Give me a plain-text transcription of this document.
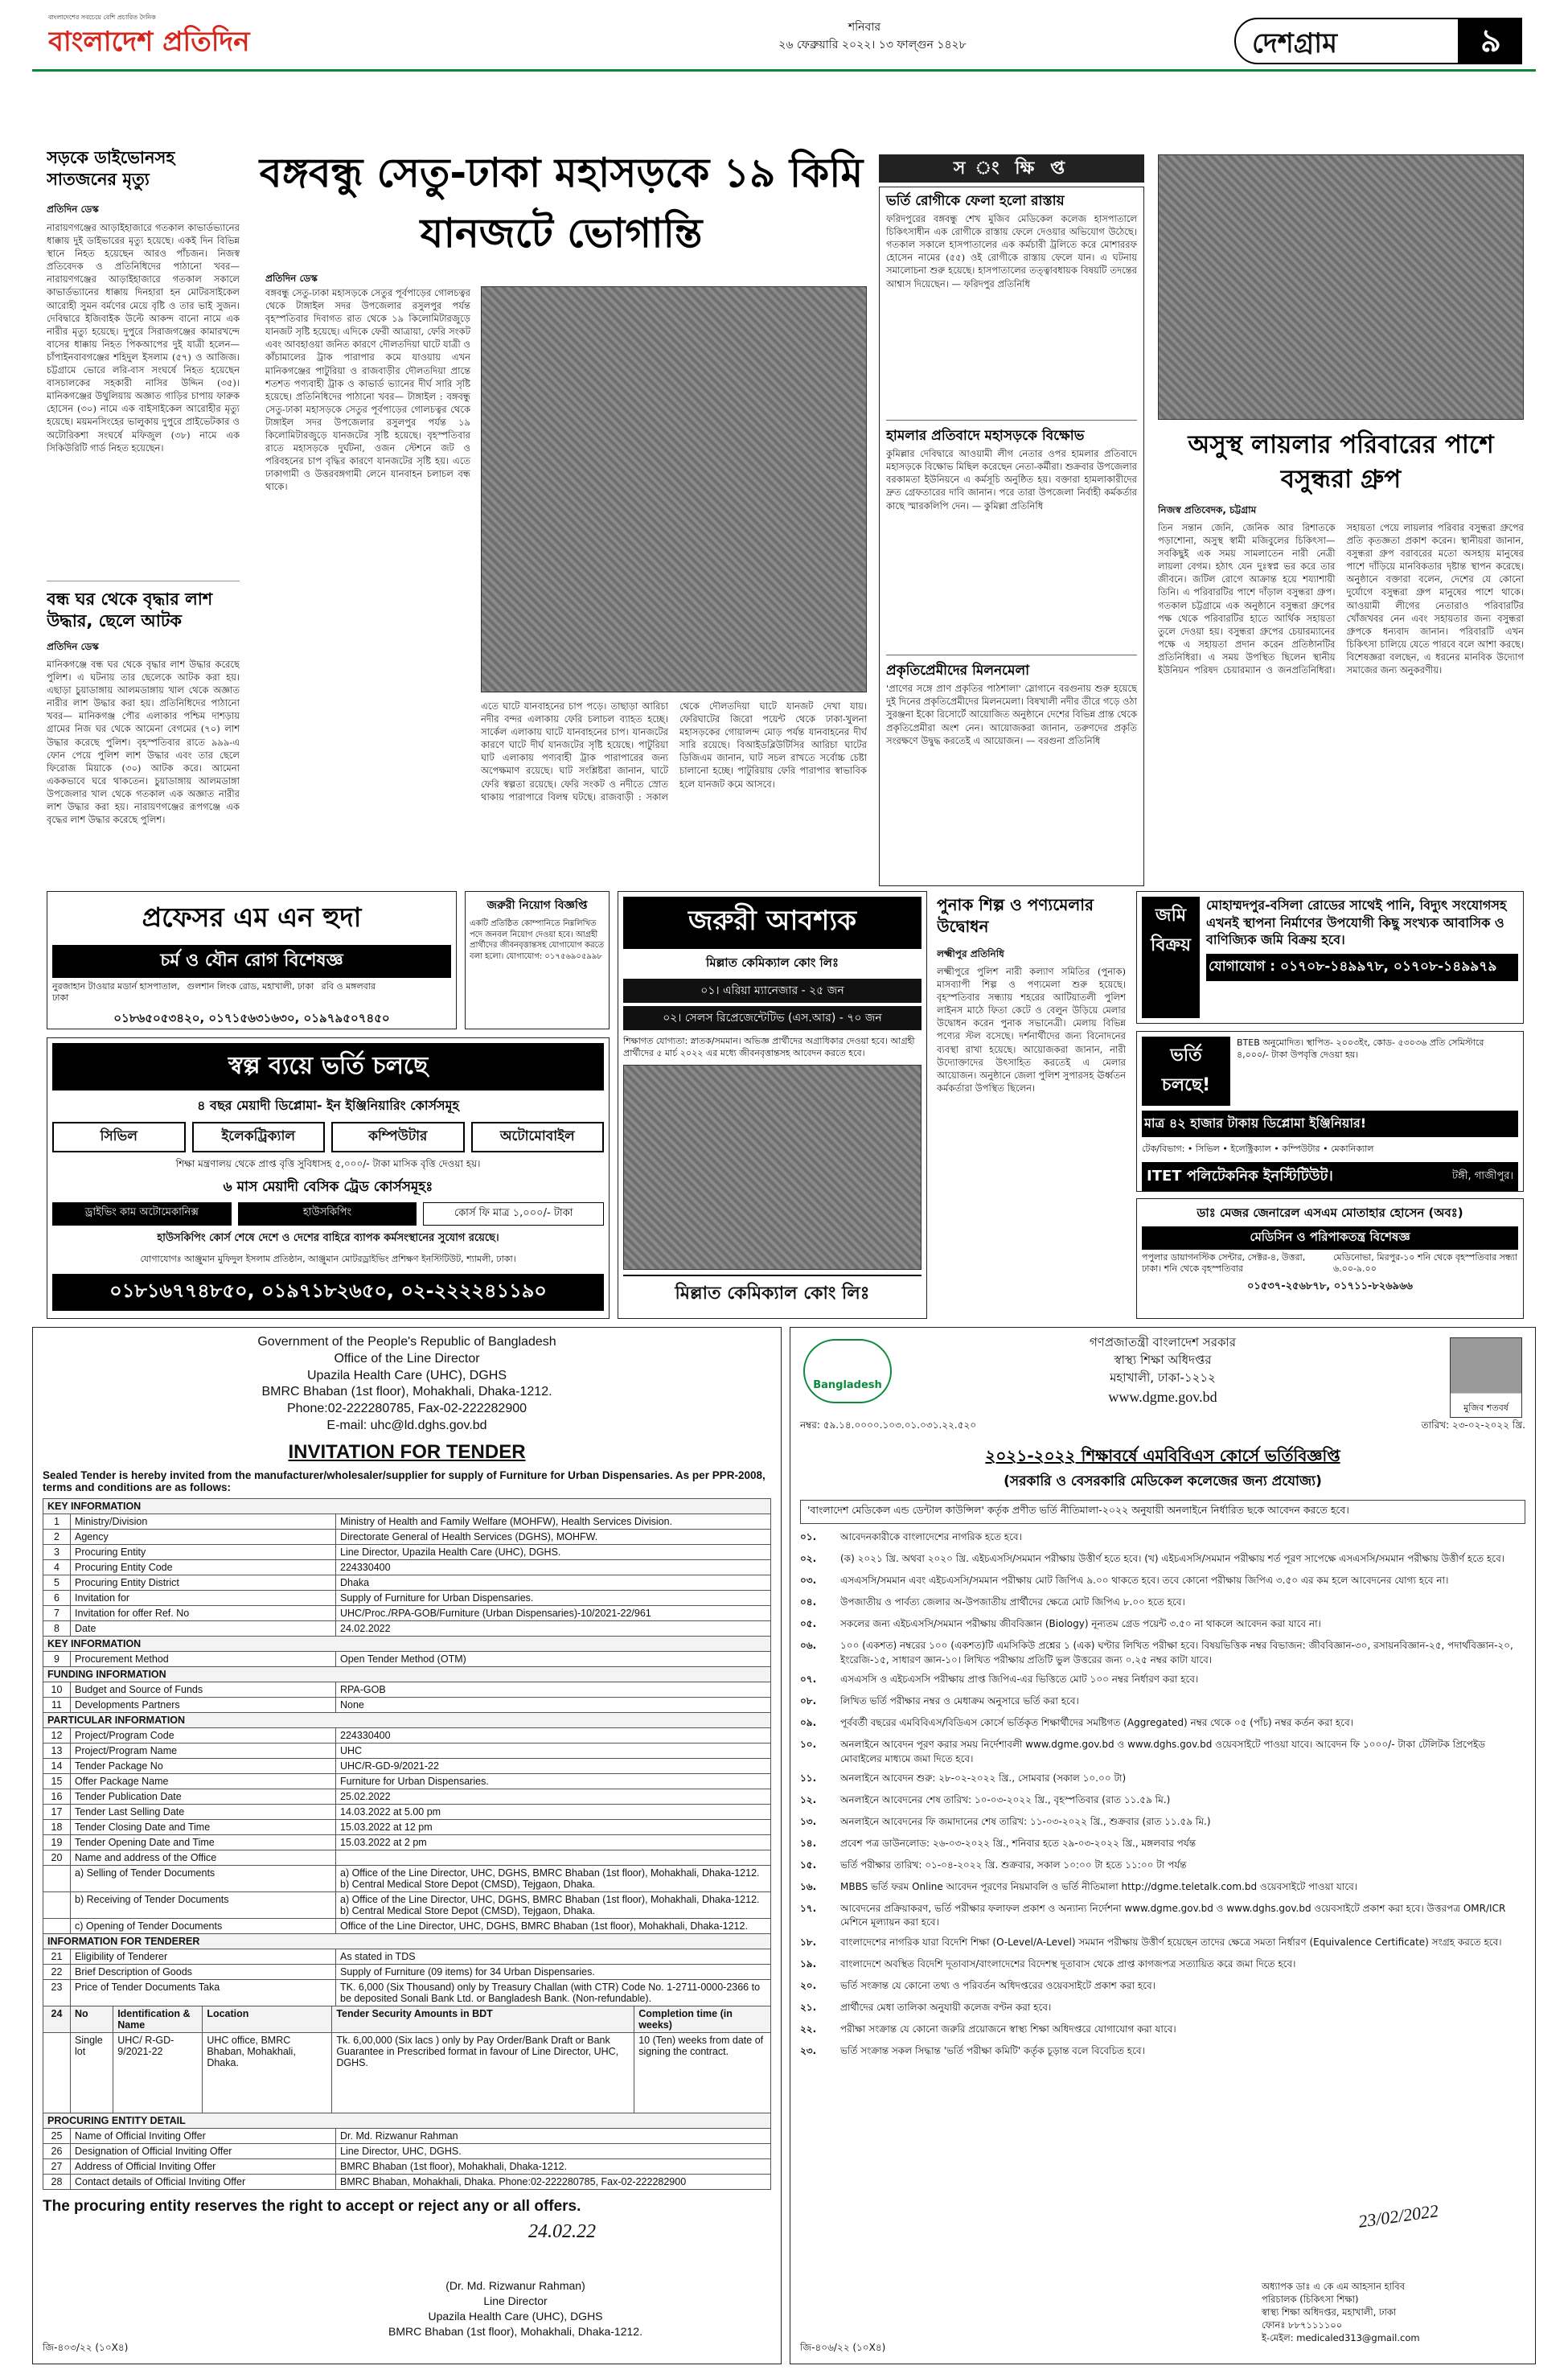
বাংলাদেশের সবচেয়ে বেশি প্রচারিত দৈনিক
বাংলাদেশ প্রতিদিন	শনিবার
২৬ ফেব্রুয়ারি ২০২২। ১৩ ফাল্গুন ১৪২৮	দেশগ্রাম	৯
সড়কে ডাইভোনসহ সাতজনের মৃত্যু
প্রতিদিন ডেস্ক
নারায়ণগঞ্জের আড়াইহাজারে গতকাল কাভার্ডভ্যানের ধাক্কায় দুই ডাইভারের মৃত্যু হয়েছে। একই দিন বিভিন্ন স্থানে নিহত হয়েছেন আরও পাঁচজন। নিজস্ব প্রতিবেদক ও প্রতিনিধিদের পাঠানো খবর— নারায়ণগঞ্জের আড়াইহাজারে গতকাল সকালে কাভার্ডভ্যানের ধাক্কায় দিনহারা হন মোটরসাইকেল আরোহী সুমন বর্মণের মেয়ে বৃষ্টি ও তার ভাই সুজন। দেবিদ্বারে ইজিবাইক উল্টে আকন্দ বানো নামে এক নারীর মৃত্যু হয়েছে। দুপুরে সিরাজগঞ্জের কামারখন্দে বাসের ধাক্কায় নিহত পিকআপের দুই যাত্রী হলেন— চাঁপাইনবাবগঞ্জের শহিদুল ইসলাম (৫৭) ও আজিজ। চট্টগ্রামে ভোরে লরি-বাস সংঘর্ষে নিহত হয়েছেন বাসচালকের সহকারী নাসির উদ্দিন (৩৫)। মানিকগঞ্জের উথুলিয়ায় অজ্ঞাত গাড়ির চাপায় ফারুক হোসেন (৩০) নামে এক বাইসাইকেল আরোহীর মৃত্যু হয়েছে। ময়মনসিংহের ভালুকায় দুপুরে প্রাইভেটকার ও অটোরিকশা সংঘর্ষে মফিজুল (৩৮) নামে এক সিকিউরিটি গার্ড নিহত হয়েছেন।
বন্ধ ঘর থেকে বৃদ্ধার লাশ উদ্ধার, ছেলে আটক
প্রতিদিন ডেস্ক
মানিকগঞ্জে বন্ধ ঘর থেকে বৃদ্ধার লাশ উদ্ধার করেছে পুলিশ। এ ঘটনায় তার ছেলেকে আটক করা হয়। এছাড়া চুয়াডাঙ্গায় আলমডাঙ্গায় খাল থেকে অজ্ঞাত নারীর লাশ উদ্ধার করা হয়। প্রতিনিধিদের পাঠানো খবর— মানিকগঞ্জ পৌর এলাকার পশ্চিম দাশড়ায় গ্রামের নিজ ঘর থেকে আমেনা বেগমের (৭০) লাশ উদ্ধার করেছে পুলিশ। বৃহস্পতিবার রাতে ৯৯৯-এ ফোন পেয়ে পুলিশ লাশ উদ্ধার এবং তার ছেলে ফিরোজ মিয়াকে (৩০) আটক করে। আমেনা এককভাবে ঘরে থাকতেন। চুয়াডাঙ্গায় আলমডাঙ্গা উপজেলার খাল থেকে গতকাল এক অজ্ঞাত নারীর লাশ উদ্ধার করা হয়। নারায়ণগঞ্জের রূপগঞ্জে এক বৃদ্ধের লাশ উদ্ধার করেছে পুলিশ।
বঙ্গবন্ধু সেতু-ঢাকা মহাসড়কে ১৯ কিমি যানজটে ভোগান্তি
প্রতিদিন ডেস্ক
বঙ্গবন্ধু সেতু-ঢাকা মহাসড়কে সেতুর পূর্বপাড়ের গোলচত্বর থেকে টাঙ্গাইল সদর উপজেলার রসুলপুর পর্যন্ত বৃহস্পতিবার দিবাগত রাত থেকে ১৯ কিলোমিটারজুড়ে যানজট সৃষ্টি হয়েছে। এদিকে ফেরী আত্রায়া, ফেরি সংকট এবং আবহাওয়া জনিত কারণে দৌলতদিয়া ঘাটে যাত্রী ও কাঁচামালের ট্রাক পারাপার কমে যাওয়ায় এখন মানিকগঞ্জের পাটুরিয়া ও রাজবাড়ীর দৌলতদিয়া প্রান্তে শতশত পণ্যবাহী ট্রাক ও কাভার্ড ভ্যানের দীর্ঘ সারি সৃষ্টি হয়েছে। প্রতিনিধিদের পাঠানো খবর— টাঙ্গাইল : বঙ্গবন্ধু সেতু-ঢাকা মহাসড়কে সেতুর পূর্বপাড়ের গোলচত্বর থেকে টাঙ্গাইল সদর উপজেলার রসুলপুর পর্যন্ত ১৯ কিলোমিটারজুড়ে যানজটের সৃষ্টি হয়েছে। বৃহস্পতিবার রাতে মহাসড়কে দুর্ঘটনা, ওজন স্টেশনে জট ও পরিবহনের চাপ বৃদ্ধির কারণে যানজটের সৃষ্টি হয়। এতে ঢাকাগামী ও উত্তরবঙ্গগামী লেনে যানবাহন চলাচল বন্ধ থাকে।
এতে ঘাটে যানবাহনের চাপ পড়ে। তাছাড়া আরিচা নদীর বন্দর এলাকায় ফেরি চলাচল ব্যাহত হচ্ছে। সার্কেল এলাকায় ঘাটে যানবাহনের চাপ। যানজটের কারণে ঘাটে দীর্ঘ যানজটের সৃষ্টি হয়েছে। পাটুরিয়া ঘাট এলাকায় পণ্যবাহী ট্রাক পারাপারের জন্য অপেক্ষমাণ রয়েছে। ঘাট সংশ্লিষ্টরা জানান, ঘাটে ফেরি স্বল্পতা রয়েছে। ফেরি সংকট ও নদীতে স্রোত থাকায় পারাপারে বিলম্ব ঘটছে। রাজবাড়ী : সকাল থেকে দৌলতদিয়া ঘাটে যানজট দেখা যায়। ফেরিঘাটের জিরো পয়েন্ট থেকে ঢাকা-খুলনা মহাসড়কের গোয়ালন্দ মোড় পর্যন্ত যানবাহনের দীর্ঘ সারি রয়েছে। বিআইডব্লিউটিসির আরিচা ঘাটের ডিজিএম জানান, ঘাট সচল রাখতে সর্বোচ্চ চেষ্টা চালানো হচ্ছে। পাটুরিয়ায় ফেরি পারাপার স্বাভাবিক হলে যানজট কমে আসবে।
স ং ক্ষি প্ত
ভর্তি রোগীকে ফেলা হলো রাস্তায়
ফরিদপুরের বঙ্গবন্ধু শেখ মুজিব মেডিকেল কলেজ হাসপাতালে চিকিৎসাধীন এক রোগীকে রাস্তায় ফেলে দেওয়ার অভিযোগ উঠেছে। গতকাল সকালে হাসপাতালের এক কর্মচারী ট্রলিতে করে মোশাররফ হোসেন নামের (৫৫) ওই রোগীকে রাস্তায় ফেলে যান। এ ঘটনায় সমালোচনা শুরু হয়েছে। হাসপাতালের তত্ত্বাবধায়ক বিষয়টি তদন্তের আশ্বাস দিয়েছেন। — ফরিদপুর প্রতিনিধি
হামলার প্রতিবাদে মহাসড়কে বিক্ষোভ
কুমিল্লার দেবিদ্বারে আওয়ামী লীগ নেতার ওপর হামলার প্রতিবাদে মহাসড়কে বিক্ষোভ মিছিল করেছেন নেতা-কর্মীরা। শুক্রবার উপজেলার বরকামতা ইউনিয়নে এ কর্মসূচি অনুষ্ঠিত হয়। বক্তারা হামলাকারীদের দ্রুত গ্রেফতারের দাবি জানান। পরে তারা উপজেলা নির্বাহী কর্মকর্তার কাছে স্মারকলিপি দেন। — কুমিল্লা প্রতিনিধি
প্রকৃতিপ্রেমীদের মিলনমেলা
'প্রাণের সঙ্গে প্রাণ প্রকৃতির পাঠশালা' স্লোগানে বরগুনায় শুরু হয়েছে দুই দিনের প্রকৃতিপ্রেমীদের মিলনমেলা। বিষখালী নদীর তীরে গড়ে ওঠা সুরঞ্জনা ইকো রিসোর্টে আয়োজিত অনুষ্ঠানে দেশের বিভিন্ন প্রান্ত থেকে প্রকৃতিপ্রেমীরা অংশ নেন। আয়োজকরা জানান, তরুণদের প্রকৃতি সংরক্ষণে উদ্বুদ্ধ করতেই এ আয়োজন। — বরগুনা প্রতিনিধি
অসুস্থ লায়লার পরিবারের পাশে বসুন্ধরা গ্রুপ
নিজস্ব প্রতিবেদক, চট্টগ্রাম
তিন সন্তান জেনি, জেনিক আর রিশাতকে পড়াশোনা, অসুস্থ স্বামী মজিবুলের চিকিৎসা— সবকিছুই এক সময় সামলাতেন নারী নেত্রী লায়লা বেগম। হঠাৎ যেন দুঃস্বপ্ন ভর করে তার জীবনে। জটিল রোগে আক্রান্ত হয়ে শয্যাশায়ী তিনি। এ পরিবারটির পাশে দাঁড়াল বসুন্ধরা গ্রুপ। গতকাল চট্টগ্রামে এক অনুষ্ঠানে বসুন্ধরা গ্রুপের পক্ষ থেকে পরিবারটির হাতে আর্থিক সহায়তা তুলে দেওয়া হয়। বসুন্ধরা গ্রুপের চেয়ারম্যানের পক্ষে এ সহায়তা প্রদান করেন প্রতিষ্ঠানটির প্রতিনিধিরা। এ সময় উপস্থিত ছিলেন স্থানীয় ইউনিয়ন পরিষদ চেয়ারম্যান ও জনপ্রতিনিধিরা। সহায়তা পেয়ে লায়লার পরিবার বসুন্ধরা গ্রুপের প্রতি কৃতজ্ঞতা প্রকাশ করেন। স্থানীয়রা জানান, বসুন্ধরা গ্রুপ বরাবরের মতো অসহায় মানুষের পাশে দাঁড়িয়ে মানবিকতার দৃষ্টান্ত স্থাপন করেছে। অনুষ্ঠানে বক্তারা বলেন, দেশের যে কোনো দুর্যোগে বসুন্ধরা গ্রুপ মানুষের পাশে থাকে। আওয়ামী লীগের নেতারাও পরিবারটির খোঁজখবর নেন এবং সহায়তার জন্য বসুন্ধরা গ্রুপকে ধন্যবাদ জানান। পরিবারটি এখন চিকিৎসা চালিয়ে যেতে পারবে বলে আশা করছে। বিশেষজ্ঞরা বলছেন, এ ধরনের মানবিক উদ্যোগ সমাজের জন্য অনুকরণীয়।
প্রফেসর এম এন হুদা
চর্ম ও যৌন রোগ বিশেষজ্ঞ
নুরজাহান টাওয়ার মডার্ন হাসপাতাল, ঢাকা
গুলশান লিংক রোড, মহাখালী, ঢাকা রবি ও মঙ্গলবার
০১৮৬৫০৫৩৪২০, ০১৭১৫৬৩১৬৩০, ০১৯৭৯৫০৭৪৫০
জরুরী নিয়োগ বিজ্ঞপ্তি
একটি প্রতিষ্ঠিত কোম্পানিতে নিম্নলিখিত পদে জনবল নিয়োগ দেওয়া হবে। আগ্রহী প্রার্থীদের জীবনবৃত্তান্তসহ যোগাযোগ করতে বলা হলো। যোগাযোগ: ০১৭৫৬৯০৫৯৯৮
স্বল্প ব্যয়ে ভর্তি চলছে
৪ বছর মেয়াদী ডিপ্লোমা- ইন ইঞ্জিনিয়ারিং কোর্সসমূহ
সিভিল	ইলেকট্রিক্যাল	কম্পিউটার	অটোমোবাইল
শিক্ষা মন্ত্রণালয় থেকে প্রাপ্ত বৃত্তি সুবিধাসহ ৫,০০০/- টাকা মাসিক বৃত্তি দেওয়া হয়।
৬ মাস মেয়াদী বেসিক ট্রেড কোর্সসমূহঃ
ড্রাইভিং কাম অটোমেকানিক্স	হাউসকিপিং	কোর্স ফি মাত্র ১,০০০/- টাকা
হাউসকিপিং কোর্স শেষে দেশে ও দেশের বাহিরে ব্যাপক কর্মসংস্থানের সুযোগ রয়েছে।
যোগাযোগঃ আঞ্জুমান মুফিদুল ইসলাম প্রতিষ্ঠান, আঞ্জুমান মোটরড্রাইভিং প্রশিক্ষণ ইনস্টিটিউট, শ্যামলী, ঢাকা।
০১৮১৬৭৭৪৮৫০, ০১৯৭১৮২৬৫০, ০২-২২২২৪১১৯০
জরুরী আবশ্যক
মিল্লাত কেমিক্যাল কোং লিঃ
০১। এরিয়া ম্যানেজার - ২৫ জন
০২। সেলস রিপ্রেজেন্টেটিভ (এস.আর) - ৭০ জন
শিক্ষাগত যোগ্যতা: স্নাতক/সমমান। অভিজ্ঞ প্রার্থীদের অগ্রাধিকার দেওয়া হবে। আগ্রহী প্রার্থীদের ৫ মার্চ ২০২২ এর মধ্যে জীবনবৃত্তান্তসহ আবেদন করতে হবে।
মিল্লাত কেমিক্যাল কোং লিঃ
পুনাক শিল্প ও পণ্যমেলার উদ্বোধন
লক্ষ্মীপুর প্রতিনিধি
লক্ষ্মীপুরে পুলিশ নারী কল্যাণ সমিতির (পুনাক) মাসব্যাপী শিল্প ও পণ্যমেলা শুরু হয়েছে। বৃহস্পতিবার সন্ধ্যায় শহরের আটিয়াতলী পুলিশ লাইনস মাঠে ফিতা কেটে ও বেলুন উড়িয়ে মেলার উদ্বোধন করেন পুনাক সভানেত্রী। মেলায় বিভিন্ন পণ্যের স্টল বসেছে। দর্শনার্থীদের জন্য বিনোদনের ব্যবস্থা রাখা হয়েছে। আয়োজকরা জানান, নারী উদ্যোক্তাদের উৎসাহিত করতেই এ মেলার আয়োজন। অনুষ্ঠানে জেলা পুলিশ সুপারসহ ঊর্ধ্বতন কর্মকর্তারা উপস্থিত ছিলেন।
জমি বিক্রয়
মোহাম্মদপুর-বসিলা রোডের সাথেই পানি, বিদ্যুৎ সংযোগসহ এখনই স্থাপনা নির্মাণের উপযোগী কিছু সংখ্যক আবাসিক ও বাণিজ্যিক জমি বিক্রয় হবে।
যোগাযোগ : ০১৭০৮-১৪৯৯৭৮, ০১৭০৮-১৪৯৯৭৯
ভর্তি চলছে!
BTEB অনুমোদিত। স্থাপিত- ২০০৩ইং, কোড- ৫৩০৩৬ প্রতি সেমিস্টারে ৪,০০০/- টাকা উপবৃত্তি দেওয়া হয়।
মাত্র ৪২ হাজার টাকায় ডিপ্লোমা ইঞ্জিনিয়ার!
টেক/বিভাগ: • সিভিল • ইলেক্ট্রিক্যাল • কম্পিউটার • মেকানিক্যাল
ITET পলিটেকনিক ইনস্টিটিউট।	টঙ্গী, গাজীপুর।
ডাঃ মেজর জেনারেল এসএম মোতাহার হোসেন (অবঃ)
মেডিসিন ও পরিপাকতন্ত্র বিশেষজ্ঞ
পপুলার ডায়াগনস্টিক সেন্টার, সেক্টর-৪, উত্তরা, ঢাকা। শনি থেকে বৃহস্পতিবার
মেডিনোভা, মিরপুর-১০ শনি থেকে বৃহস্পতিবার সন্ধ্যা ৬.০০-৯.০০
০১৫৩৭-২৫৬৮৭৮, ০১৭১১-৮২৬৯৬৬
Government of the People's Republic of Bangladesh
Office of the Line Director
Upazila Health Care (UHC), DGHS
BMRC Bhaban (1st floor), Mohakhali, Dhaka-1212.
Phone:02-222280785, Fax-02-222282900
E-mail: uhc@ld.dghs.gov.bd
INVITATION FOR TENDER
Sealed Tender is hereby invited from the manufacturer/wholesaler/supplier for supply of Furniture for Urban Dispensaries. As per PPR-2008, terms and conditions are as follows:
KEY INFORMATION		
1	Ministry/Division	Ministry of Health and Family Welfare (MOHFW), Health Services Division.
2	Agency	Directorate General of Health Services (DGHS), MOHFW.
3	Procuring Entity	Line Director, Upazila Health Care (UHC), DGHS.
4	Procuring Entity Code	224330400
5	Procuring Entity District	Dhaka
6	Invitation for	Supply of Furniture for Urban Dispensaries.
7	Invitation for offer Ref. No	UHC/Proc./RPA-GOB/Furniture (Urban Dispensaries)-10/2021-22/961
8	Date	24.02.2022
KEY INFORMATION		
9	Procurement Method	Open Tender Method (OTM)
FUNDING INFORMATION		
10	Budget and Source of Funds	RPA-GOB
11	Developments Partners	None
PARTICULAR INFORMATION		
12	Project/Program Code	224330400
13	Project/Program Name	UHC
14	Tender Package No	UHC/R-GD-9/2021-22
15	Offer Package Name	Furniture for Urban Dispensaries.
16	Tender Publication Date	25.02.2022
17	Tender Last Selling Date	14.03.2022 at 5.00 pm
18	Tender Closing Date and Time	15.03.2022 at 12 pm
19	Tender Opening Date and Time	15.03.2022 at 2 pm
20	Name and address of the Office	
	a) Selling of Tender Documents	a) Office of the Line Director, UHC, DGHS, BMRC Bhaban (1st floor), Mohakhali, Dhaka-1212. b) Central Medical Store Depot (CMSD), Tejgaon, Dhaka.
	b) Receiving of Tender Documents	a) Office of the Line Director, UHC, DGHS, BMRC Bhaban (1st floor), Mohakhali, Dhaka-1212. b) Central Medical Store Depot (CMSD), Tejgaon, Dhaka.
	c) Opening of Tender Documents	Office of the Line Director, UHC, DGHS, BMRC Bhaban (1st floor), Mohakhali, Dhaka-1212.
INFORMATION FOR TENDERER		
21	Eligibility of Tenderer	As stated in TDS
22	Brief Description of Goods	Supply of Furniture (09 items) for 34 Urban Dispensaries.
23	Price of Tender Documents Taka	TK. 6,000 (Six Thousand) only by Treasury Challan (with CTR) Code No. 1-2711-0000-2366 to be deposited Sonali Bank Ltd. or Bangladesh Bank. (Non-refundable).
24	No	Identification & Name	Location	Tender Security Amounts in BDT	Completion time (in weeks)
	Single lot	UHC/ R-GD-9/2021-22	UHC office, BMRC Bhaban, Mohakhali, Dhaka.	Tk. 6,00,000 (Six lacs ) only by Pay Order/Bank Draft or Bank Guarantee in Prescribed format in favour of Line Director, UHC, DGHS.	10 (Ten) weeks from date of signing the contract.
PROCURING ENTITY DETAIL		
25	Name of Official Inviting Offer	Dr. Md. Rizwanur Rahman
26	Designation of Official Inviting Offer	Line Director, UHC, DGHS.
27	Address of Official Inviting Offer	BMRC Bhaban (1st floor), Mohakhali, Dhaka-1212.
28	Contact details of Official Inviting Offer	BMRC Bhaban, Mohakhali, Dhaka. Phone:02-222280785, Fax-02-222282900
The procuring entity reserves the right to accept or reject any or all offers.
24.02.22
(Dr. Md. Rizwanur Rahman)
Line Director
Upazila Health Care (UHC), DGHS
BMRC Bhaban (1st floor), Mohakhali, Dhaka-1212.
জি-৪০৩/২২ (১০X৪)
Bangladesh
মুজিব শতবর্ষ
গণপ্রজাতন্ত্রী বাংলাদেশ সরকার
স্বাস্থ্য শিক্ষা অধিদপ্তর
মহাখালী, ঢাকা-১২১২
www.dgme.gov.bd
নম্বর: ৫৯.১৪.০০০০.১০৩.০১.০৩১.২২.৫২০	তারিখ: ২৩-০২-২০২২ খ্রি.
২০২১-২০২২ শিক্ষাবর্ষে এমবিবিএস কোর্সে ভর্তিবিজ্ঞপ্তি
(সরকারি ও বেসরকারি মেডিকেল কলেজের জন্য প্রযোজ্য)
'বাংলাদেশ মেডিকেল এন্ড ডেন্টাল কাউন্সিল' কর্তৃক প্রণীত ভর্তি নীতিমালা-২০২২ অনুযায়ী অনলাইনে নির্ধারিত ছকে আবেদন করতে হবে।
০১.	আবেদনকারীকে বাংলাদেশের নাগরিক হতে হবে।
০২.	(ক) ২০২১ খ্রি. অথবা ২০২০ খ্রি. এইচএসসি/সমমান পরীক্ষায় উত্তীর্ণ হতে হবে। (খ) এইচএসসি/সমমান পরীক্ষায় শর্ত পূরণ সাপেক্ষে এসএসসি/সমমান পরীক্ষায় উত্তীর্ণ হতে হবে।
০৩.	এসএসসি/সমমান এবং এইচএসসি/সমমান পরীক্ষায় মোট জিপিএ ৯.০০ থাকতে হবে। তবে কোনো পরীক্ষায় জিপিএ ৩.৫০ এর কম হলে আবেদনের যোগ্য হবে না।
০৪.	উপজাতীয় ও পার্বত্য জেলার অ-উপজাতীয় প্রার্থীদের ক্ষেত্রে মোট জিপিএ ৮.০০ হতে হবে।
০৫.	সকলের জন্য এইচএসসি/সমমান পরীক্ষায় জীববিজ্ঞান (Biology) নূন্যতম গ্রেড পয়েন্ট ৩.৫০ না থাকলে আবেদন করা যাবে না।
০৬.	১০০ (একশত) নম্বরের ১০০ (একশত)টি এমসিকিউ প্রশ্নের ১ (এক) ঘণ্টার লিখিত পরীক্ষা হবে। বিষয়ভিত্তিক নম্বর বিভাজন: জীববিজ্ঞান-৩০, রসায়নবিজ্ঞান-২৫, পদার্থবিজ্ঞান-২০, ইংরেজি-১৫, সাধারণ জ্ঞান-১০। লিখিত পরীক্ষায় প্রতিটি ভুল উত্তরের জন্য ০.২৫ নম্বর কাটা যাবে।
০৭.	এসএসসি ও এইচএসসি পরীক্ষায় প্রাপ্ত জিপিএ-এর ভিত্তিতে মোট ১০০ নম্বর নির্ধারণ করা হবে।
০৮.	লিখিত ভর্তি পরীক্ষার নম্বর ও মেধাক্রম অনুসারে ভর্তি করা হবে।
০৯.	পূর্ববর্তী বছরের এমবিবিএস/বিডিএস কোর্সে ভর্তিকৃত শিক্ষার্থীদের সমষ্টিগত (Aggregated) নম্বর থেকে ০৫ (পাঁচ) নম্বর কর্তন করা হবে।
১০.	অনলাইনে আবেদন পূরণ করার সময় নির্দেশাবলী www.dgme.gov.bd ও www.dghs.gov.bd ওয়েবসাইটে পাওয়া যাবে। আবেদন ফি ১০০০/- টাকা টেলিটক প্রিপেইড মোবাইলের মাধ্যমে জমা দিতে হবে।
১১.	অনলাইনে আবেদন শুরু: ২৮-০২-২০২২ খ্রি., সোমবার (সকাল ১০.০০ টা)
১২.	অনলাইনে আবেদনের শেষ তারিখ: ১০-০৩-২০২২ খ্রি., বৃহস্পতিবার (রাত ১১.৫৯ মি.)
১৩.	অনলাইনে আবেদনের ফি জমাদানের শেষ তারিখ: ১১-০৩-২০২২ খ্রি., শুক্রবার (রাত ১১.৫৯ মি.)
১৪.	প্রবেশ পত্র ডাউনলোড: ২৬-০৩-২০২২ খ্রি., শনিবার হতে ২৯-০৩-২০২২ খ্রি., মঙ্গলবার পর্যন্ত
১৫.	ভর্তি পরীক্ষার তারিখ: ০১-০৪-২০২২ খ্রি. শুক্রবার, সকাল ১০:০০ টা হতে ১১:০০ টা পর্যন্ত
১৬.	MBBS ভর্তি ফরম Online আবেদন পূরণের নিয়মাবলি ও ভর্তি নীতিমালা http://dgme.teletalk.com.bd ওয়েবসাইটে পাওয়া যাবে।
১৭.	আবেদনের প্রক্রিয়াকরণ, ভর্তি পরীক্ষার ফলাফল প্রকাশ ও অন্যান্য নির্দেশনা www.dgme.gov.bd ও www.dghs.gov.bd ওয়েবসাইটে প্রকাশ করা হবে। উত্তরপত্র OMR/ICR মেশিনে মূল্যায়ন করা হবে।
১৮.	বাংলাদেশের নাগরিক যারা বিদেশি শিক্ষা (O-Level/A-Level) সমমান পরীক্ষায় উত্তীর্ণ হয়েছেন তাদের ক্ষেত্রে সমতা নির্ধারণ (Equivalence Certificate) সংগ্রহ করতে হবে।
১৯.	বাংলাদেশে অবস্থিত বিদেশি দূতাবাস/বাংলাদেশের বিদেশস্থ দূতাবাস থেকে প্রাপ্ত কাগজপত্র সত্যায়িত করে জমা দিতে হবে।
২০.	ভর্তি সংক্রান্ত যে কোনো তথ্য ও পরিবর্তন অধিদপ্তরের ওয়েবসাইটে প্রকাশ করা হবে।
২১.	প্রার্থীদের মেধা তালিকা অনুযায়ী কলেজ বণ্টন করা হবে।
২২.	পরীক্ষা সংক্রান্ত যে কোনো জরুরি প্রয়োজনে স্বাস্থ্য শিক্ষা অধিদপ্তরে যোগাযোগ করা যাবে।
২৩.	ভর্তি সংক্রান্ত সকল সিদ্ধান্ত 'ভর্তি পরীক্ষা কমিটি' কর্তৃক চূড়ান্ত বলে বিবেচিত হবে।
23/02/2022
অধ্যাপক ডাঃ এ কে এম আহসান হাবিব
পরিচালক (চিকিৎসা শিক্ষা)
স্বাস্থ্য শিক্ষা অধিদপ্তর, মহাখালী, ঢাকা
ফোনঃ ৮৮৭১১১১০০
ই-মেইল: medicaled313@gmail.com
জি-৪০৬/২২ (১০X৪)
